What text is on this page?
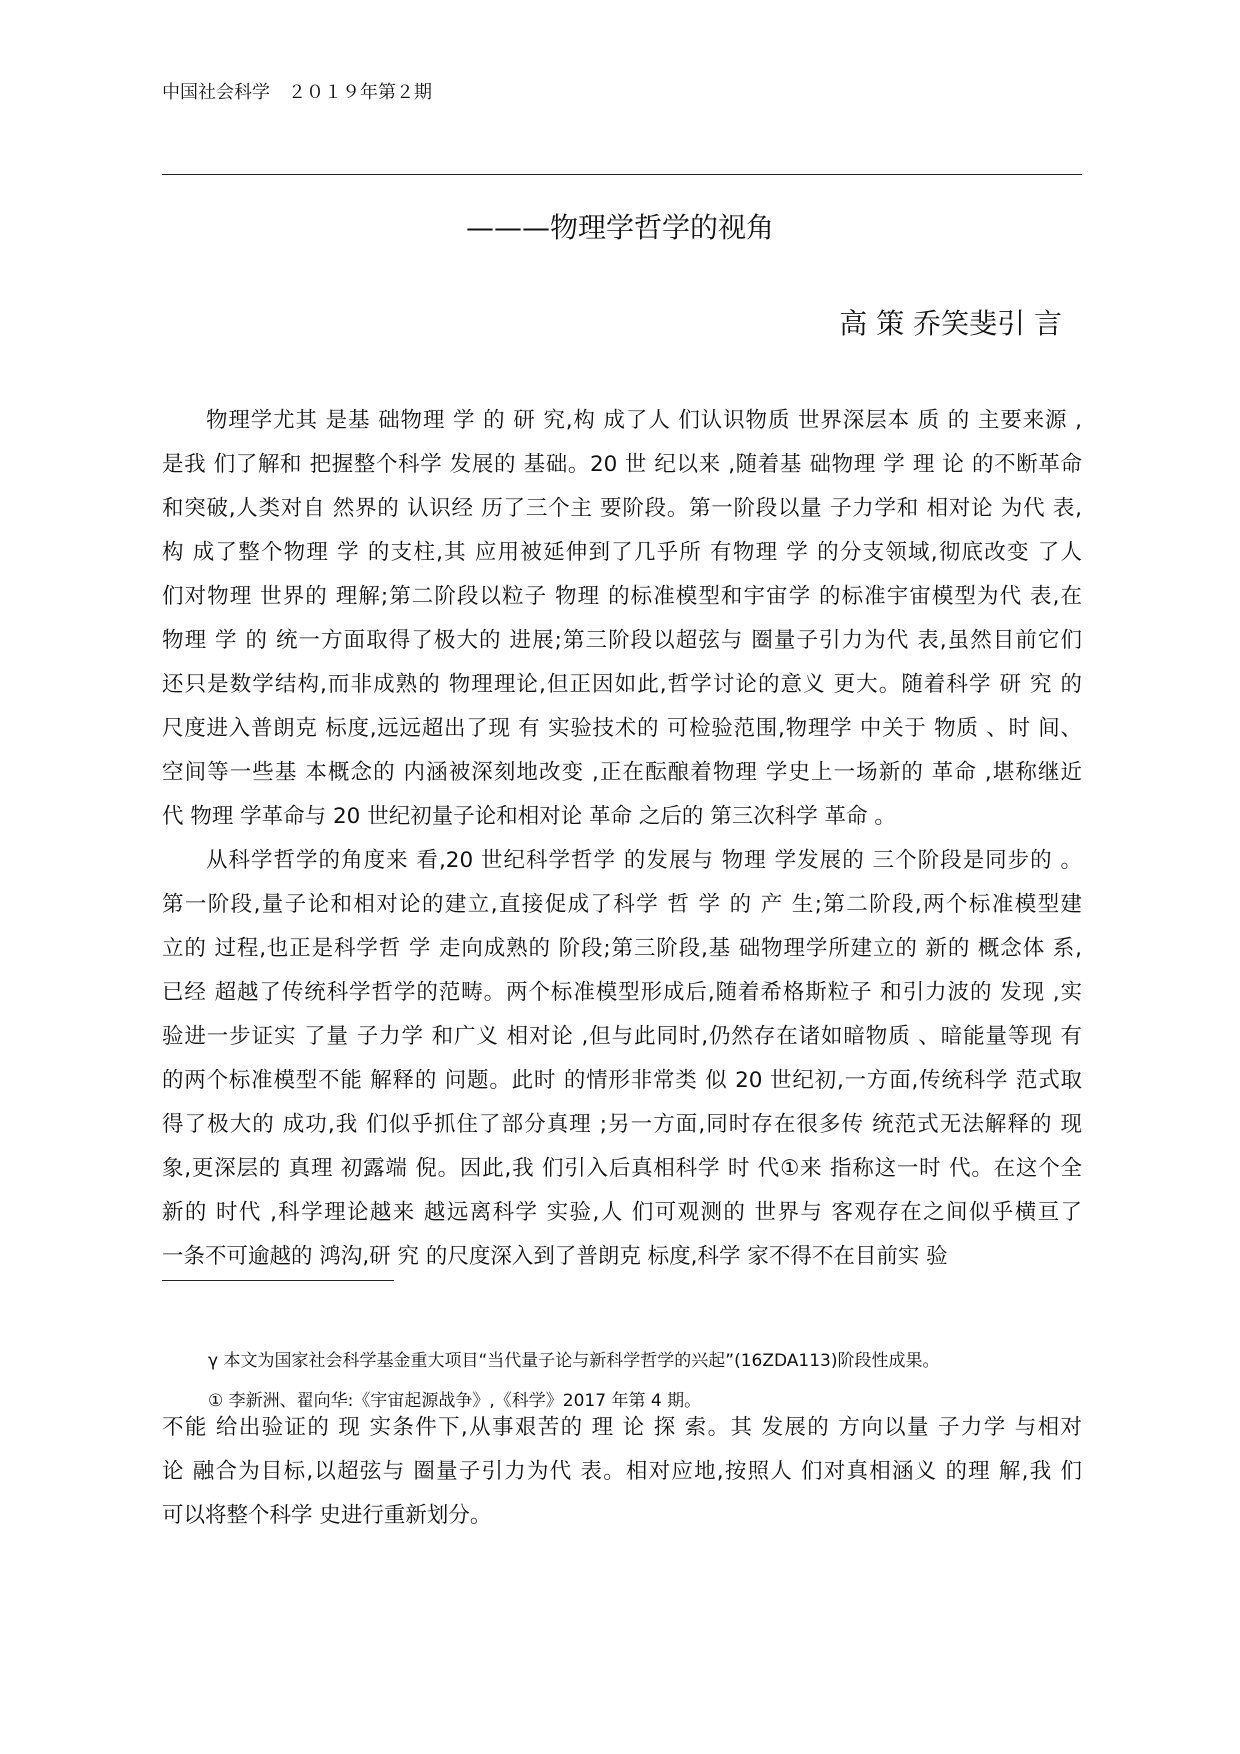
中国社会科学　２０１９年第２期
———物理学哲学的视角
高 策 乔笑斐引 言
物理学尤其 是基 础物理 学 的 研 究,构 成了人 们认识物质 世界深层本 质 的 主要来源 ,
是我 们了解和 把握整个科学 发展的 基础。20 世 纪以来 ,随着基 础物理 学 理 论 的不断革命
和突破,人类对自 然界的 认识经 历了三个主 要阶段。第一阶段以量 子力学和 相对论 为代 表,
构 成了整个物理 学 的支柱,其 应用被延伸到了几乎所 有物理 学 的分支领域,彻底改变 了人
们对物理 世界的 理解;第二阶段以粒子 物理 的标准模型和宇宙学 的标准宇宙模型为代 表,在
物理 学 的 统一方面取得了极大的 进展;第三阶段以超弦与 圈量子引力为代 表,虽然目前它们
还只是数学结构,而非成熟的 物理理论,但正因如此,哲学讨论的意义 更大。随着科学 研 究 的
尺度进入普朗克 标度,远远超出了现 有 实验技术的 可检验范围,物理学 中关于 物质 、时 间、
空间等一些基 本概念的 内涵被深刻地改变 ,正在酝酿着物理 学史上一场新的 革命 ,堪称继近
代 物理 学革命与 20 世纪初量子论和相对论 革命 之后的 第三次科学 革命 。
从科学哲学的角度来 看,20 世纪科学哲学 的发展与 物理 学发展的 三个阶段是同步的 。
第一阶段,量子论和相对论的建立,直接促成了科学 哲 学 的 产 生;第二阶段,两个标准模型建
立的 过程,也正是科学哲 学 走向成熟的 阶段;第三阶段,基 础物理学所建立的 新的 概念体 系,
已经 超越了传统科学哲学的范畴。两个标准模型形成后,随着希格斯粒子 和引力波的 发现 ,实
验进一步证实 了量 子力学 和广义 相对论 ,但与此同时,仍然存在诸如暗物质 、暗能量等现 有
的两个标准模型不能 解释的 问题。此时 的情形非常类 似 20 世纪初,一方面,传统科学 范式取
得了极大的 成功,我 们似乎抓住了部分真理 ;另一方面,同时存在很多传 统范式无法解释的 现
象,更深层的 真理 初露端 倪。因此,我 们引入后真相科学 时 代①来 指称这一时 代。在这个全
新的 时代 ,科学理论越来 越远离科学 实验,人 们可观测的 世界与 客观存在之间似乎横亘了
一条不可逾越的 鸿沟,研 究 的尺度深入到了普朗克 标度,科学 家不得不在目前实 验
γ 本文为国家社会科学基金重大项目“当代量子论与新科学哲学的兴起”(16ZDA113)阶段性成果。
① 李新洲、翟向华:《宇宙起源战争》,《科学》2017 年第 4 期。
不能 给出验证的 现 实条件下,从事艰苦的 理 论 探 索。其 发展的 方向以量 子力学 与相对
论 融合为目标,以超弦与 圈量子引力为代 表。相对应地,按照人 们对真相涵义 的理 解,我 们
可以将整个科学 史进行重新划分。
